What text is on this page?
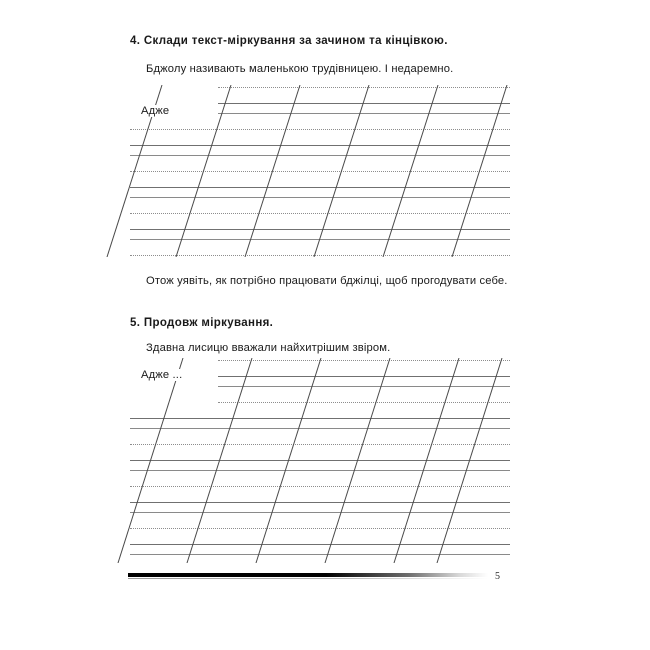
4. Склади текст-міркування за зачином та кінцівкою.
Бджолу називають маленькою трудівницею. І недаремно.
Адже
Отож уявіть, як потрібно працювати бджілці, щоб прогодувати себе.
5. Продовж міркування.
Здавна лисицю вважали найхитрішим звіром.
Адже ...
5
